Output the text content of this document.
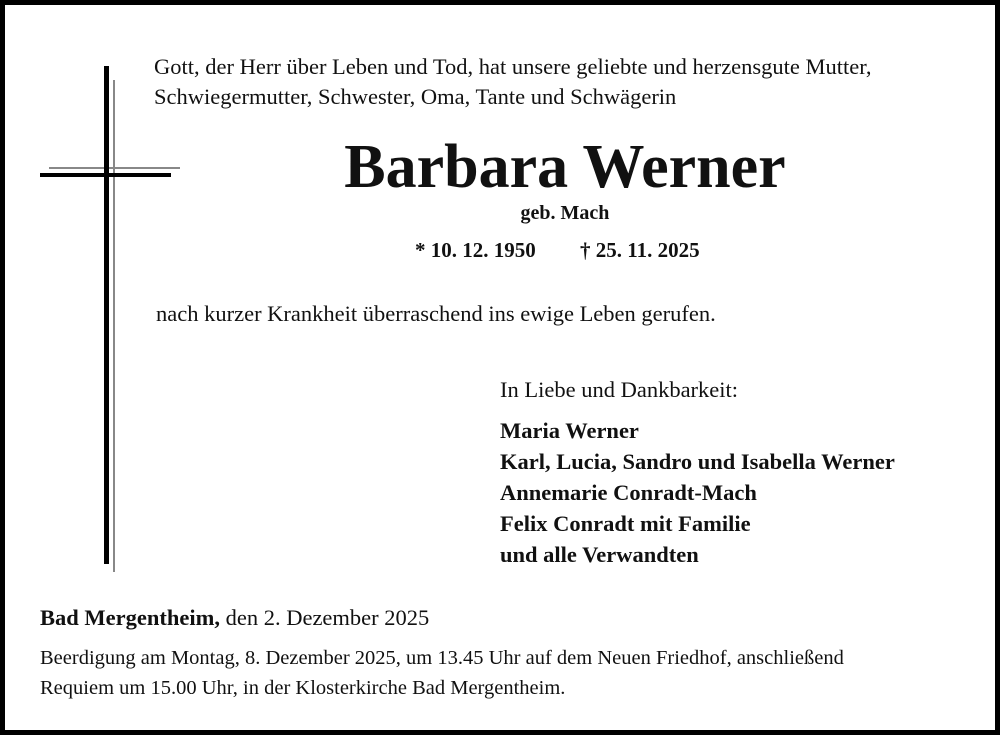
Gott, der Herr über Leben und Tod, hat unsere geliebte und herzensgute Mutter,
Schwiegermutter, Schwester, Oma, Tante und Schwägerin
Barbara Werner
geb. Mach
* 10. 12. 1950 † 25. 11. 2025
nach kurzer Krankheit überraschend ins ewige Leben gerufen.
In Liebe und Dankbarkeit:
Maria Werner
Karl, Lucia, Sandro und Isabella Werner
Annemarie Conradt-Mach
Felix Conradt mit Familie
und alle Verwandten
Bad Mergentheim, den 2. Dezember 2025
Beerdigung am Montag, 8. Dezember 2025, um 13.45 Uhr auf dem Neuen Friedhof, anschließend
Requiem um 15.00 Uhr, in der Klosterkirche Bad Mergentheim.
